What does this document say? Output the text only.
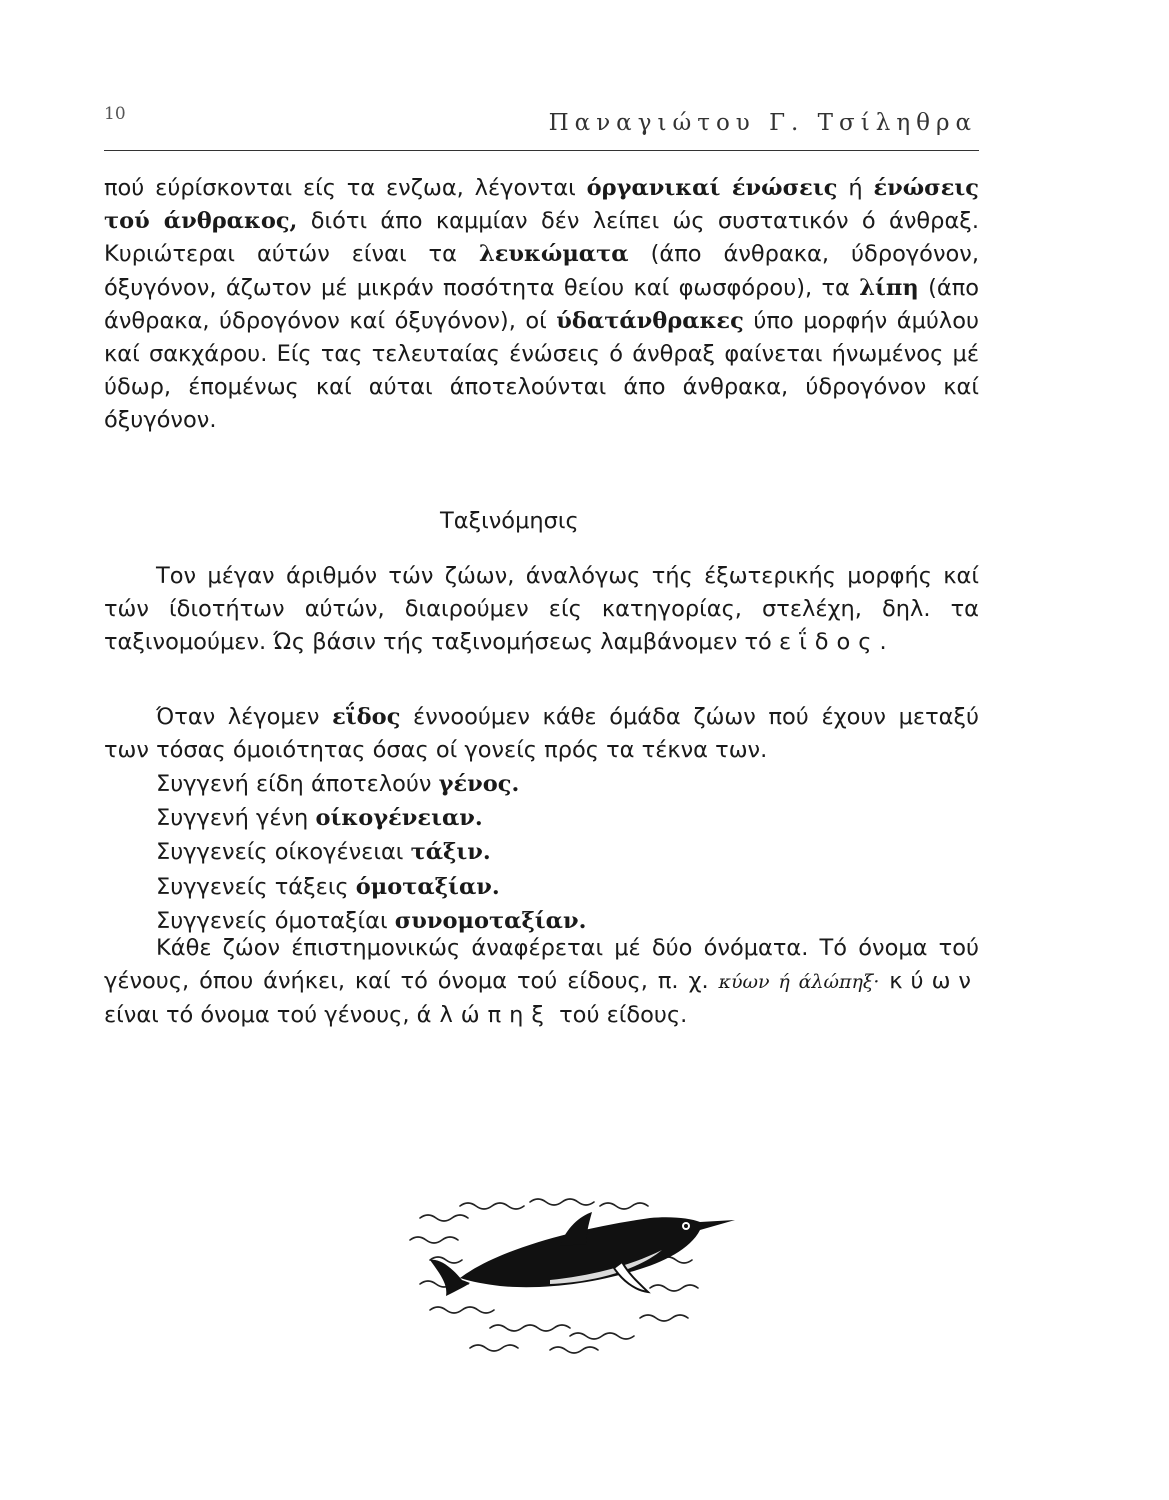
10	Παναγιώτου Γ. Τσίληθρα

πού εύρίσκονται είς τα ενζωα, λέγονται όργανικαί ένώσεις ή ένώσεις τού άνθρακος, διότι άπο καμμίαν δέν λείπει ώς συστατικόν ό άνθραξ. Κυριώτεραι αύτών είναι τα λευκώματα (άπο άνθρακα, ύδρογόνον, όξυγόνον, άζωτον μέ μικράν ποσότητα θείου καί φωσφόρου), τα λίπη (άπο άνθρακα, ύδρογόνον καί όξυγόνον), οί ύδατάνθρακες ύπο μορφήν άμύλου καί σακχάρου. Είς τας τελευταίας ένώσεις ό άνθραξ φαίνεται ήνωμένος μέ ύδωρ, έπομένως καί αύται άποτελούνται άπο άνθρακα, ύδρογόνον καί όξυγόνον.

Ταξινόμησις

Τον μέγαν άριθμόν τών ζώων, άναλόγως τής έξωτερικής μορφής καί τών ίδιοτήτων αύτών, διαιρούμεν είς κατηγορίας, στελέχη, δηλ. τα ταξινομούμεν. Ώς βάσιν τής ταξινομήσεως λαμβάνομεν τό εΐδος.

Όταν λέγομεν εΐδος έννοούμεν κάθε όμάδα ζώων πού έχουν μεταξύ των τόσας όμοιότητας όσας οί γονείς πρός τα τέκνα των.

Συγγενή είδη άποτελούν γένος.
Συγγενή γένη οίκογένειαν.
Συγγενείς οίκογένειαι τάξιν.
Συγγενείς τάξεις όμοταξίαν.
Συγγενείς όμοταξίαι συνομοταξίαν.

Κάθε ζώον έπιστημονικώς άναφέρεται μέ δύο όνόματα. Τό όνομα τού γένους, όπου άνήκει, καί τό όνομα τού είδους, π. χ. κύων ή άλώπηξ· κύων είναι τό όνομα τού γένους, άλώπηξ τού είδους.
